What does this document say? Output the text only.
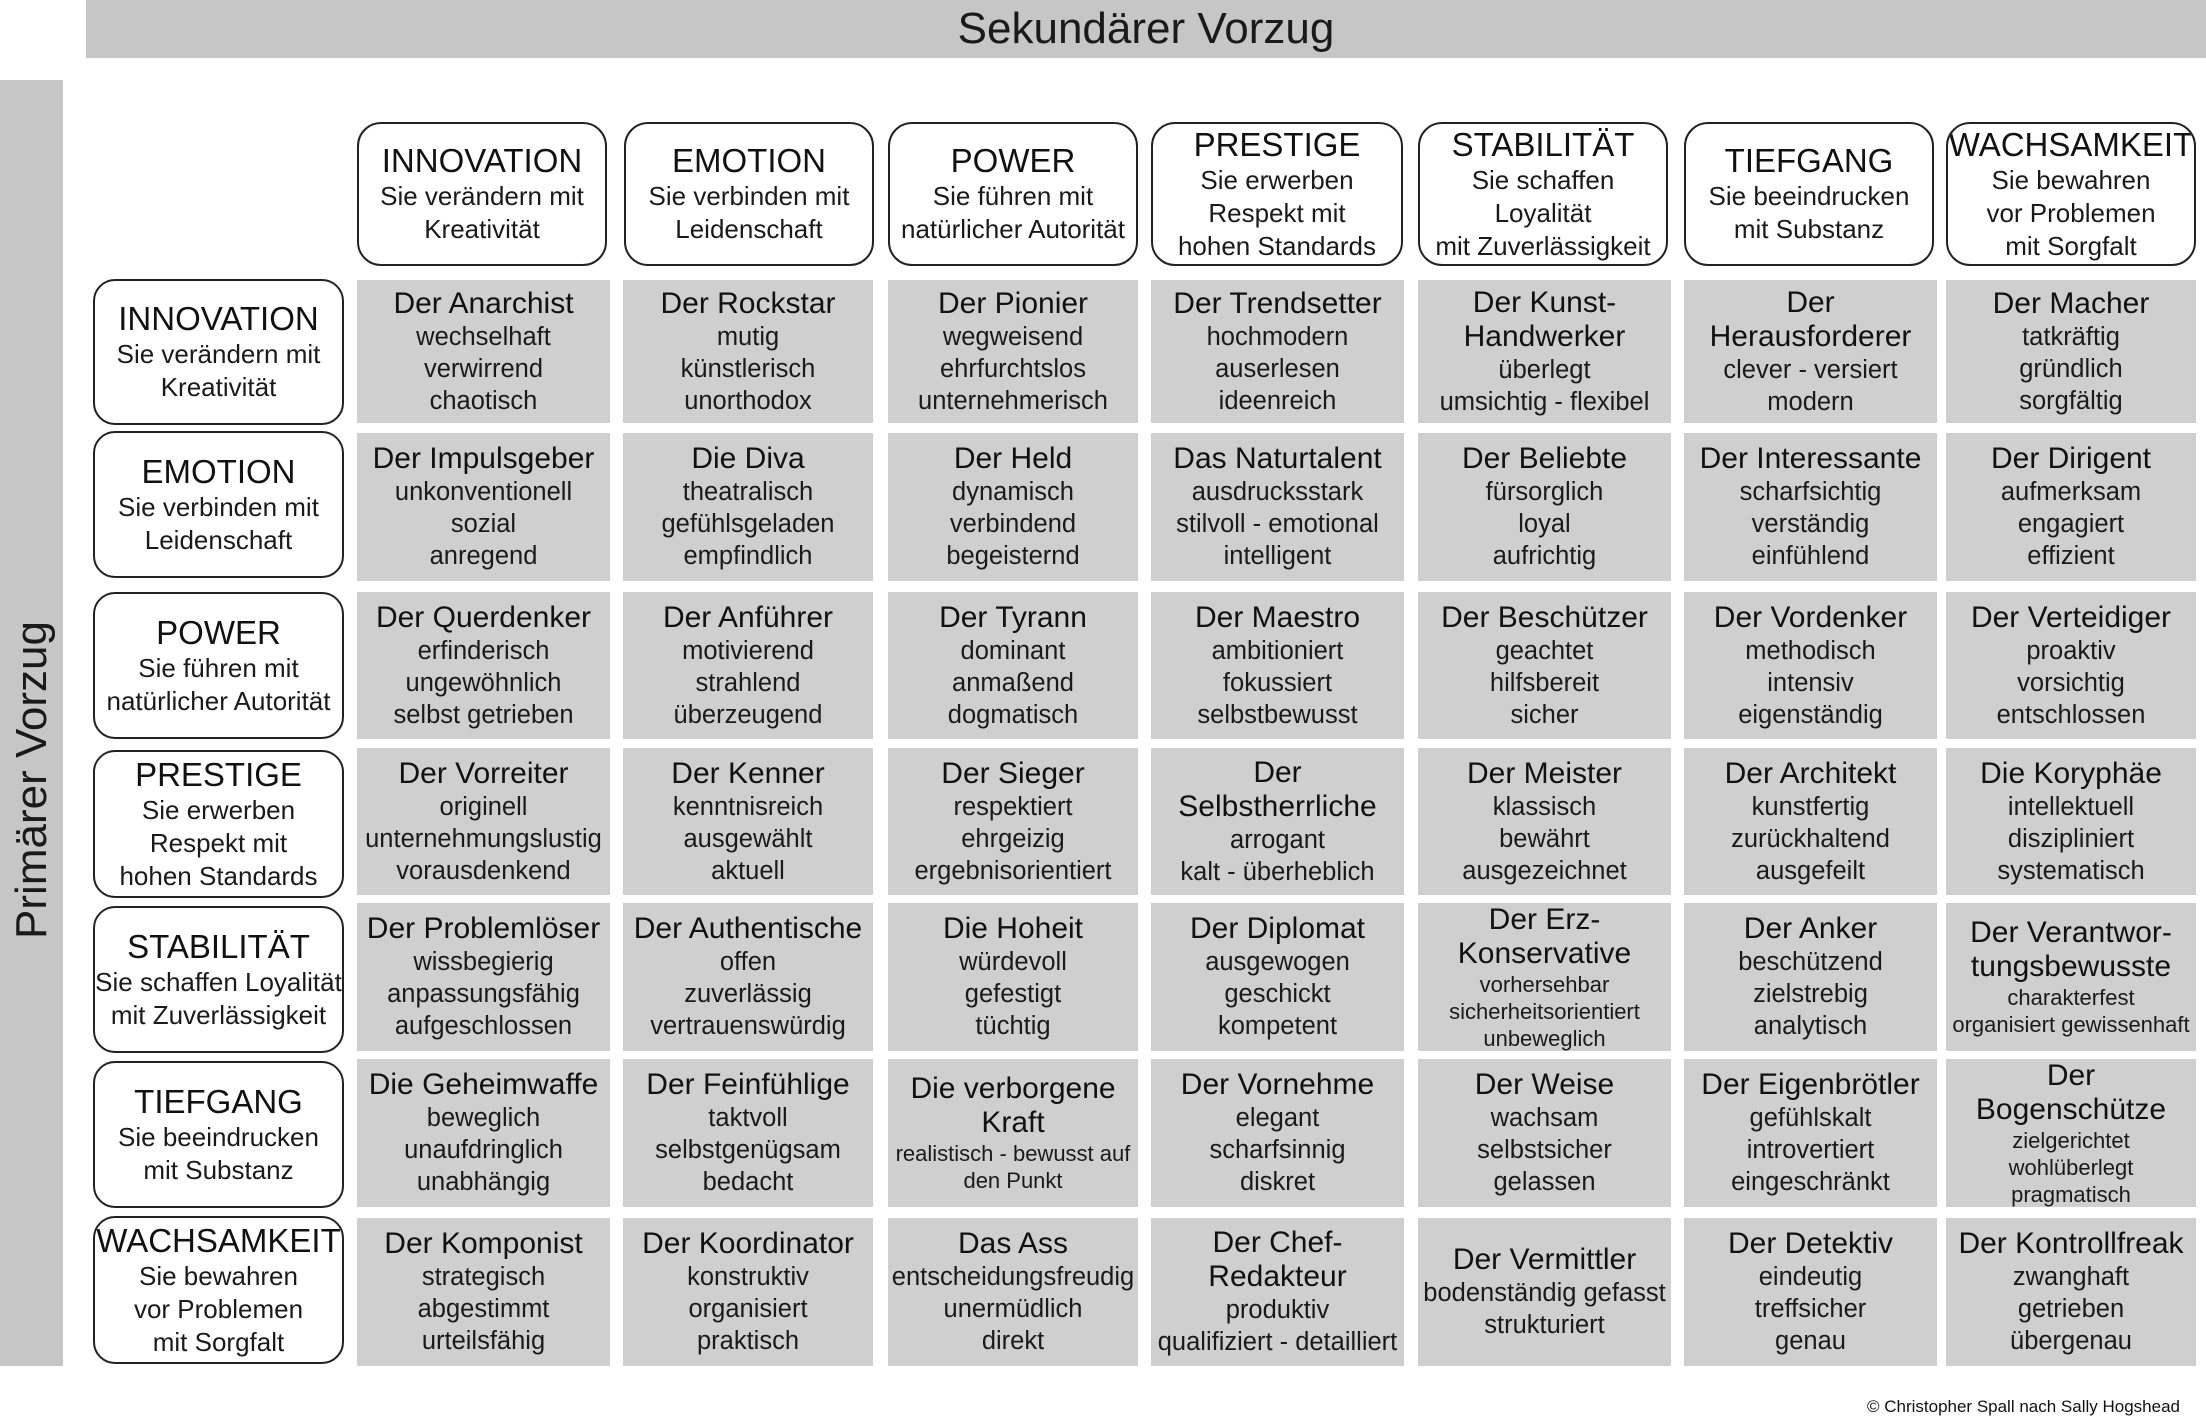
Sekundärer Vorzug
Primärer Vorzug
INNOVATION
Sie verändern mit
Kreativität
EMOTION
Sie verbinden mit
Leidenschaft
POWER
Sie führen mit
natürlicher Autorität
PRESTIGE
Sie erwerben
Respekt mit
hohen Standards
STABILITÄT
Sie schaffen Loyalität
mit Zuverlässigkeit
TIEFGANG
Sie beeindrucken
mit Substanz
WACHSAMKEIT
Sie bewahren
vor Problemen
mit Sorgfalt
INNOVATION
Sie verändern mit
Kreativität
EMOTION
Sie verbinden mit
Leidenschaft
POWER
Sie führen mit
natürlicher Autorität
PRESTIGE
Sie erwerben
Respekt mit
hohen Standards
STABILITÄT
Sie schaffen Loyalität
mit Zuverlässigkeit
TIEFGANG
Sie beeindrucken
mit Substanz
WACHSAMKEIT
Sie bewahren
vor Problemen
mit Sorgfalt
Der Anarchist
wechselhaft
verwirrend
chaotisch
Der Rockstar
mutig
künstlerisch
unorthodox
Der Pionier
wegweisend
ehrfurchtslos
unternehmerisch
Der Trendsetter
hochmodern
auserlesen
ideenreich
Der Kunst-
Handwerker
überlegt
umsichtig - flexibel
Der
Herausforderer
clever - versiert
modern
Der Macher
tatkräftig
gründlich
sorgfältig
Der Impulsgeber
unkonventionell
sozial
anregend
Die Diva
theatralisch
gefühlsgeladen
empfindlich
Der Held
dynamisch
verbindend
begeisternd
Das Naturtalent
ausdrucksstark
stilvoll - emotional
intelligent
Der Beliebte
fürsorglich
loyal
aufrichtig
Der Interessante
scharfsichtig
verständig
einfühlend
Der Dirigent
aufmerksam
engagiert
effizient
Der Querdenker
erfinderisch
ungewöhnlich
selbst getrieben
Der Anführer
motivierend
strahlend
überzeugend
Der Tyrann
dominant
anmaßend
dogmatisch
Der Maestro
ambitioniert
fokussiert
selbstbewusst
Der Beschützer
geachtet
hilfsbereit
sicher
Der Vordenker
methodisch
intensiv
eigenständig
Der Verteidiger
proaktiv
vorsichtig
entschlossen
Der Vorreiter
originell
unternehmungslustig
vorausdenkend
Der Kenner
kenntnisreich
ausgewählt
aktuell
Der Sieger
respektiert
ehrgeizig
ergebnisorientiert
Der
Selbstherrliche
arrogant
kalt - überheblich
Der Meister
klassisch
bewährt
ausgezeichnet
Der Architekt
kunstfertig
zurückhaltend
ausgefeilt
Die Koryphäe
intellektuell
diszipliniert
systematisch
Der Problemlöser
wissbegierig
anpassungsfähig
aufgeschlossen
Der Authentische
offen
zuverlässig
vertrauenswürdig
Die Hoheit
würdevoll
gefestigt
tüchtig
Der Diplomat
ausgewogen
geschickt
kompetent
Der Erz-
Konservative
vorhersehbar
sicherheitsorientiert
unbeweglich
Der Anker
beschützend
zielstrebig
analytisch
Der Verantwor-
tungsbewusste
charakterfest
organisiert gewissenhaft
Die Geheimwaffe
beweglich
unaufdringlich
unabhängig
Der Feinfühlige
taktvoll
selbstgenügsam
bedacht
Die verborgene
Kraft
realistisch - bewusst auf
den Punkt
Der Vornehme
elegant
scharfsinnig
diskret
Der Weise
wachsam
selbstsicher
gelassen
Der Eigenbrötler
gefühlskalt
introvertiert
eingeschränkt
Der Bogenschütze
zielgerichtet
wohlüberlegt
pragmatisch
Der Komponist
strategisch
abgestimmt
urteilsfähig
Der Koordinator
konstruktiv
organisiert
praktisch
Das Ass
entscheidungsfreudig
unermüdlich
direkt
Der Chef-
Redakteur
produktiv
qualifiziert - detailliert
Der Vermittler
bodenständig gefasst
strukturiert
Der Detektiv
eindeutig
treffsicher
genau
Der Kontrollfreak
zwanghaft
getrieben
übergenau
© Christopher Spall nach Sally Hogshead
